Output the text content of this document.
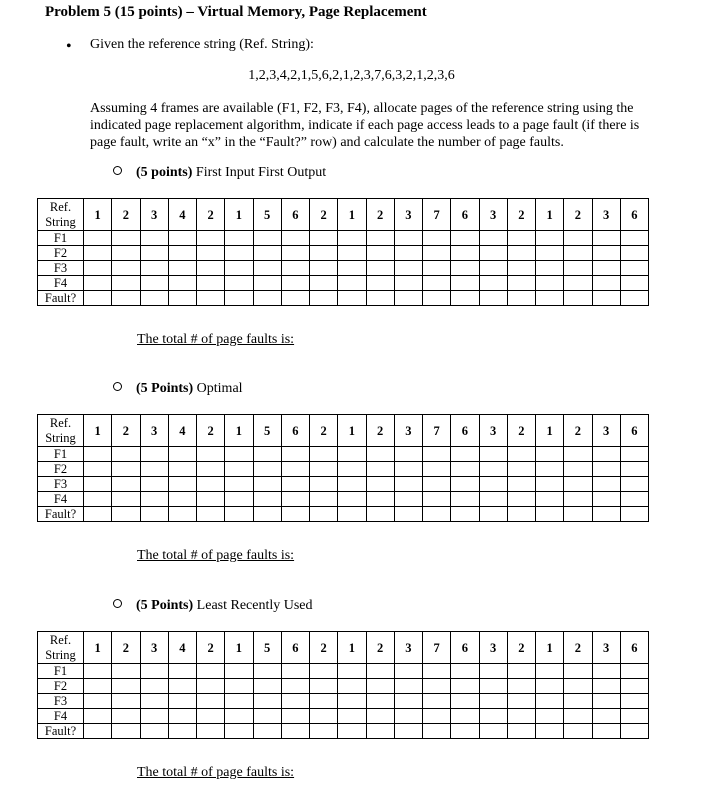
Problem 5 (15 points) – Virtual Memory, Page Replacement
• Given the reference string (Ref. String):
1,2,3,4,2,1,5,6,2,1,2,3,7,6,3,2,1,2,3,6
Assuming 4 frames are available (F1, F2, F3, F4), allocate pages of the reference string using the indicated page replacement algorithm, indicate if each page access leads to a page fault (if there is page fault, write an “x” in the “Fault?” row) and calculate the number of page faults.
(5 points) First Input First Output
Ref.
String	1	2	3	4	2	1	5	6	2	1	2	3	7	6	3	2	1	2	3	6
F1																				
F2																				
F3																				
F4																				
Fault?																				
The total # of page faults is:
(5 Points) Optimal
Ref.
String	1	2	3	4	2	1	5	6	2	1	2	3	7	6	3	2	1	2	3	6
F1																				
F2																				
F3																				
F4																				
Fault?																				
The total # of page faults is:
(5 Points) Least Recently Used
Ref.
String	1	2	3	4	2	1	5	6	2	1	2	3	7	6	3	2	1	2	3	6
F1																				
F2																				
F3																				
F4																				
Fault?																				
The total # of page faults is:
